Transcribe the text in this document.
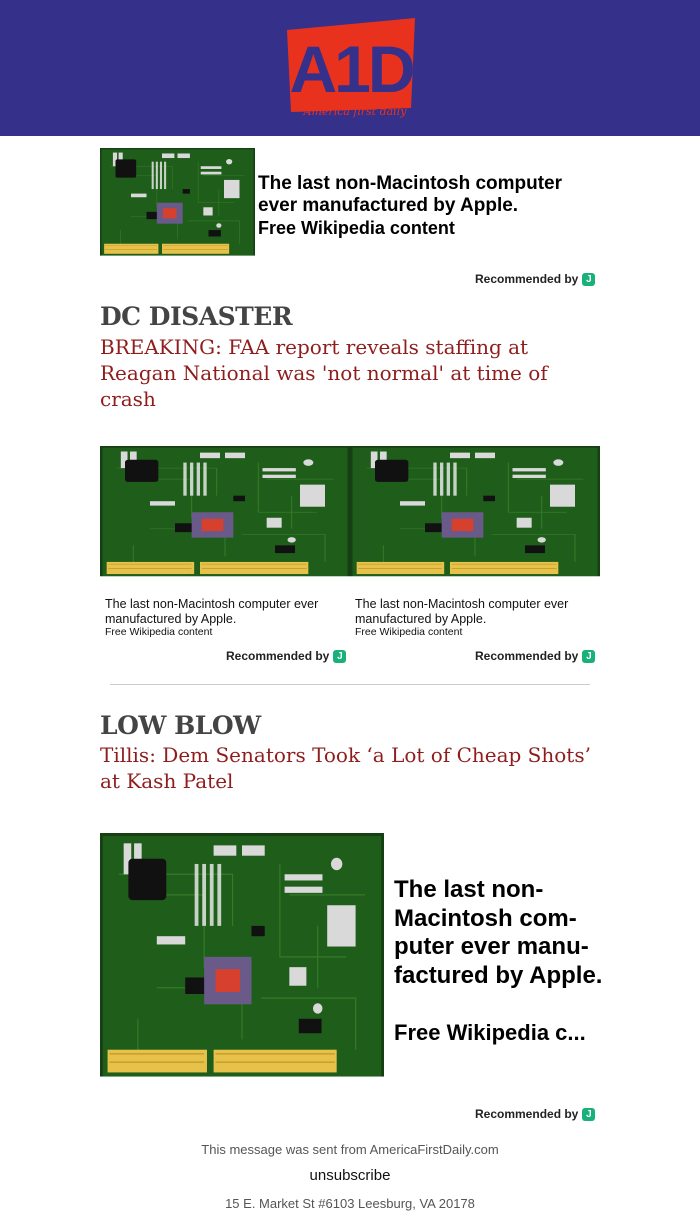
A1D
America first daily
The last non-Macintosh computer ever manufactured by Apple.
Free Wikipedia content
Recommended by J
DC DISASTER
BREAKING: FAA report reveals staffing at Reagan National was 'not normal' at time of crash
The last non-Macintosh computer ever manufactured by Apple.
Free Wikipedia content
The last non-Macintosh computer ever manufactured by Apple.
Free Wikipedia content
Recommended by J	Recommended by J
LOW BLOW
Tillis: Dem Senators Took ‘a Lot of Cheap Shots’ at Kash Patel
The last non-Macintosh com-puter ever manu-factured by Apple.
Free Wikipedia c...
Recommended by J
This message was sent from AmericaFirstDaily.com
unsubscribe
15 E. Market St #6103 Leesburg, VA 20178
